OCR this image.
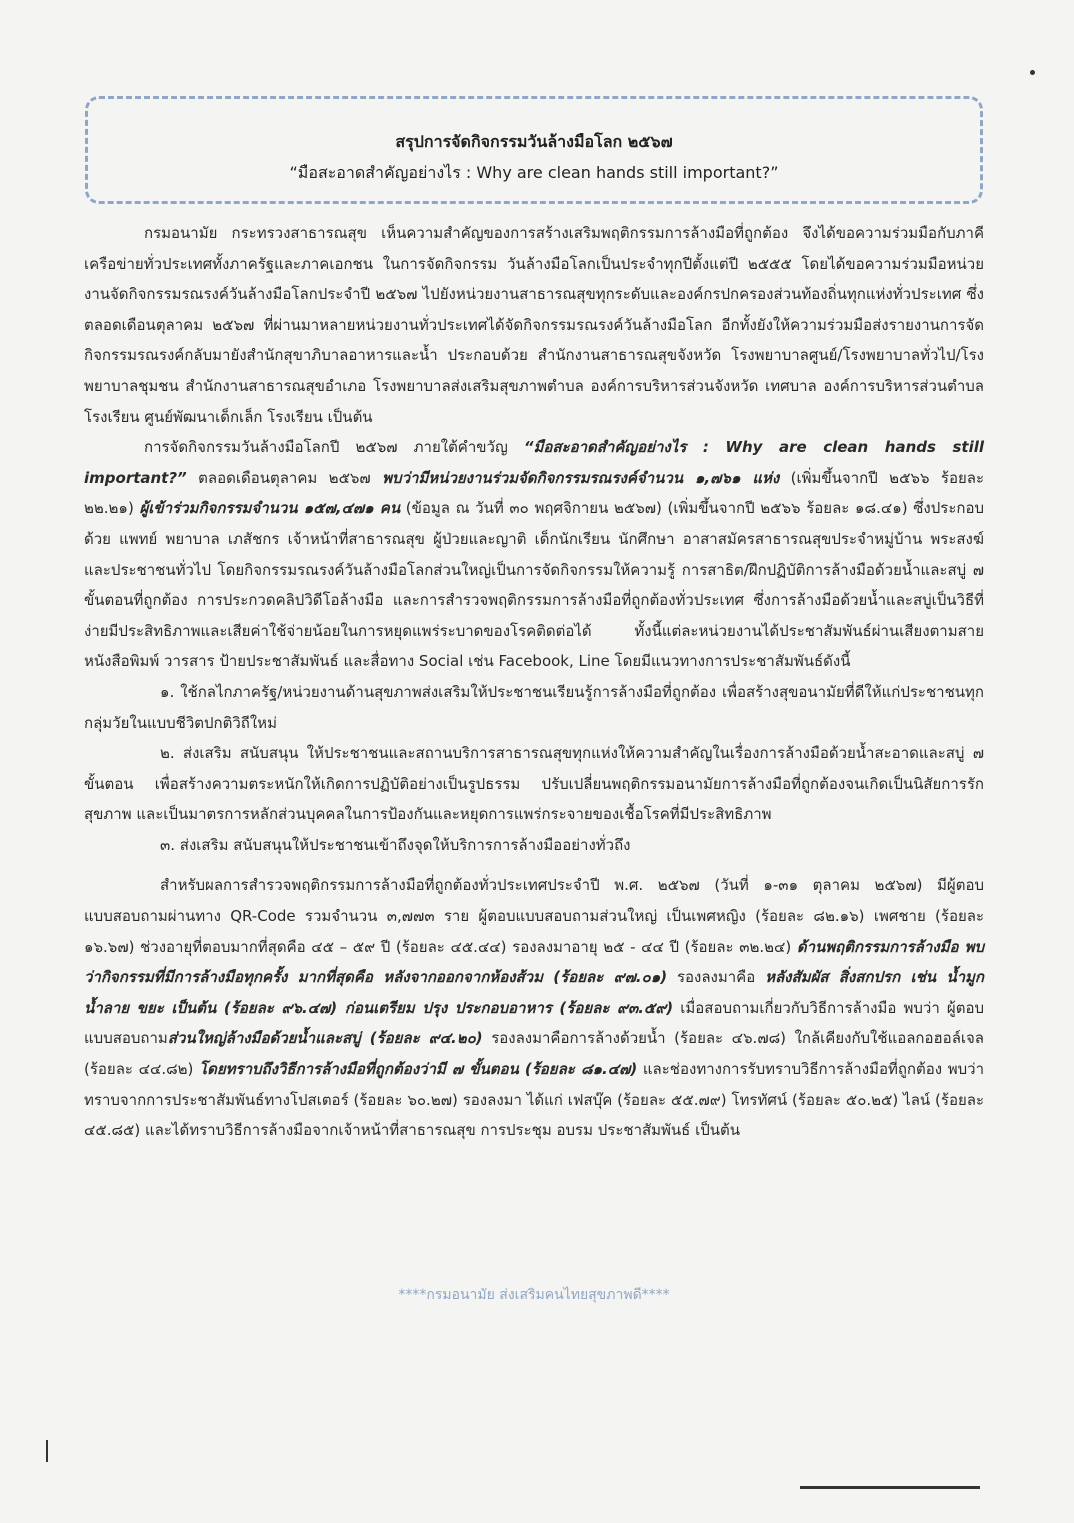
สรุปการจัดกิจกรรมวันล้างมือโลก ๒๕๖๗
“มือสะอาดสำคัญอย่างไร : Why are clean hands still important?”

กรมอนามัย กระทรวงสาธารณสุข เห็นความสำคัญของการสร้างเสริมพฤติกรรมการล้างมือที่ถูกต้อง จึงได้ขอความร่วมมือกับภาคีเครือข่ายทั่วประเทศทั้งภาครัฐและภาคเอกชน ในการจัดกิจกรรม วันล้างมือโลกเป็นประจำทุกปีตั้งแต่ปี ๒๕๕๕ โดยได้ขอความร่วมมือหน่วยงานจัดกิจกรรมรณรงค์วันล้างมือโลกประจำปี ๒๕๖๗ ไปยังหน่วยงานสาธารณสุขทุกระดับและองค์กรปกครองส่วนท้องถิ่นทุกแห่งทั่วประเทศ ซึ่งตลอดเดือนตุลาคม ๒๕๖๗ ที่ผ่านมาหลายหน่วยงานทั่วประเทศได้จัดกิจกรรมรณรงค์วันล้างมือโลก อีกทั้งยังให้ความร่วมมือส่งรายงานการจัดกิจกรรมรณรงค์กลับมายังสำนักสุขาภิบาลอาหารและน้ำ ประกอบด้วย สำนักงานสาธารณสุขจังหวัด โรงพยาบาลศูนย์/โรงพยาบาลทั่วไป/โรงพยาบาลชุมชน สำนักงานสาธารณสุขอำเภอ โรงพยาบาลส่งเสริมสุขภาพตำบล องค์การบริหารส่วนจังหวัด เทศบาล องค์การบริหารส่วนตำบล โรงเรียน ศูนย์พัฒนาเด็กเล็ก โรงเรียน เป็นต้น

การจัดกิจกรรมวันล้างมือโลกปี ๒๕๖๗ ภายใต้คำขวัญ “มือสะอาดสำคัญอย่างไร : Why are clean hands still important?” ตลอดเดือนตุลาคม ๒๕๖๗ พบว่ามีหน่วยงานร่วมจัดกิจกรรมรณรงค์จำนวน ๑,๗๖๑ แห่ง (เพิ่มขึ้นจากปี ๒๕๖๖ ร้อยละ ๒๒.๒๑) ผู้เข้าร่วมกิจกรรมจำนวน ๑๕๗,๔๗๑ คน (ข้อมูล ณ วันที่ ๓๐ พฤศจิกายน ๒๕๖๗) (เพิ่มขึ้นจากปี ๒๕๖๖ ร้อยละ ๑๘.๔๑) ซึ่งประกอบด้วย แพทย์ พยาบาล เภสัชกร เจ้าหน้าที่สาธารณสุข ผู้ป่วยและญาติ เด็กนักเรียน นักศึกษา อาสาสมัครสาธารณสุขประจำหมู่บ้าน พระสงฆ์ และประชาชนทั่วไป โดยกิจกรรมรณรงค์วันล้างมือโลกส่วนใหญ่เป็นการจัดกิจกรรมให้ความรู้ การสาธิต/ฝึกปฏิบัติการล้างมือด้วยน้ำและสบู่ ๗ ขั้นตอนที่ถูกต้อง การประกวดคลิปวิดีโอล้างมือ และการสำรวจพฤติกรรมการล้างมือที่ถูกต้องทั่วประเทศ ซึ่งการล้างมือด้วยน้ำและสบู่เป็นวิธีที่ง่ายมีประสิทธิภาพและเสียค่าใช้จ่ายน้อยในการหยุดแพร่ระบาดของโรคติดต่อได้ ทั้งนี้แต่ละหน่วยงานได้ประชาสัมพันธ์ผ่านเสียงตามสาย หนังสือพิมพ์ วารสาร ป้ายประชาสัมพันธ์ และสื่อทาง Social เช่น Facebook, Line โดยมีแนวทางการประชาสัมพันธ์ดังนี้

๑. ใช้กลไกภาครัฐ/หน่วยงานด้านสุขภาพส่งเสริมให้ประชาชนเรียนรู้การล้างมือที่ถูกต้อง เพื่อสร้างสุขอนามัยที่ดีให้แก่ประชาชนทุกกลุ่มวัยในแบบชีวิตปกติวิถีใหม่

๒. ส่งเสริม สนับสนุน ให้ประชาชนและสถานบริการสาธารณสุขทุกแห่งให้ความสำคัญในเรื่องการล้างมือด้วยน้ำสะอาดและสบู่ ๗ ขั้นตอน เพื่อสร้างความตระหนักให้เกิดการปฏิบัติอย่างเป็นรูปธรรม ปรับเปลี่ยนพฤติกรรมอนามัยการล้างมือที่ถูกต้องจนเกิดเป็นนิสัยการรักสุขภาพ และเป็นมาตรการหลักส่วนบุคคลในการป้องกันและหยุดการแพร่กระจายของเชื้อโรคที่มีประสิทธิภาพ

๓. ส่งเสริม สนับสนุนให้ประชาชนเข้าถึงจุดให้บริการการล้างมืออย่างทั่วถึง

สำหรับผลการสำรวจพฤติกรรมการล้างมือที่ถูกต้องทั่วประเทศประจำปี พ.ศ. ๒๕๖๗ (วันที่ ๑-๓๑ ตุลาคม ๒๕๖๗) มีผู้ตอบแบบสอบถามผ่านทาง QR-Code รวมจำนวน ๓,๗๗๓ ราย ผู้ตอบแบบสอบถามส่วนใหญ่ เป็นเพศหญิง (ร้อยละ ๘๒.๑๖) เพศชาย (ร้อยละ ๑๖.๖๗) ช่วงอายุที่ตอบมากที่สุดคือ ๔๕ – ๕๙ ปี (ร้อยละ ๔๕.๔๔) รองลงมาอายุ ๒๕ - ๔๔ ปี (ร้อยละ ๓๒.๒๔) ด้านพฤติกรรมการล้างมือ พบว่ากิจกรรมที่มีการล้างมือทุกครั้ง มากที่สุดคือ หลังจากออกจากห้องส้วม (ร้อยละ ๙๗.๐๑) รองลงมาคือ หลังสัมผัส สิ่งสกปรก เช่น น้ำมูก น้ำลาย ขยะ เป็นต้น (ร้อยละ ๙๖.๔๗) ก่อนเตรียม ปรุง ประกอบอาหาร (ร้อยละ ๙๓.๕๙) เมื่อสอบถามเกี่ยวกับวิธีการล้างมือ พบว่า ผู้ตอบแบบสอบถามส่วนใหญ่ล้างมือด้วยน้ำและสบู่ (ร้อยละ ๙๔.๒๐) รองลงมาคือการล้างด้วยน้ำ (ร้อยละ ๔๖.๗๘) ใกล้เคียงกับใช้แอลกอฮอล์เจล (ร้อยละ ๔๔.๘๒) โดยทราบถึงวิธีการล้างมือที่ถูกต้องว่ามี ๗ ขั้นตอน (ร้อยละ ๘๑.๔๗) และช่องทางการรับทราบวิธีการล้างมือที่ถูกต้อง พบว่า ทราบจากการประชาสัมพันธ์ทางโปสเตอร์ (ร้อยละ ๖๐.๒๗) รองลงมา ได้แก่ เฟสบุ๊ค (ร้อยละ ๕๕.๗๙) โทรทัศน์ (ร้อยละ ๕๐.๒๕) ไลน์ (ร้อยละ ๔๕.๘๕) และได้ทราบวิธีการล้างมือจากเจ้าหน้าที่สาธารณสุข การประชุม อบรม ประชาสัมพันธ์ เป็นต้น

****กรมอนามัย ส่งเสริมคนไทยสุขภาพดี****
